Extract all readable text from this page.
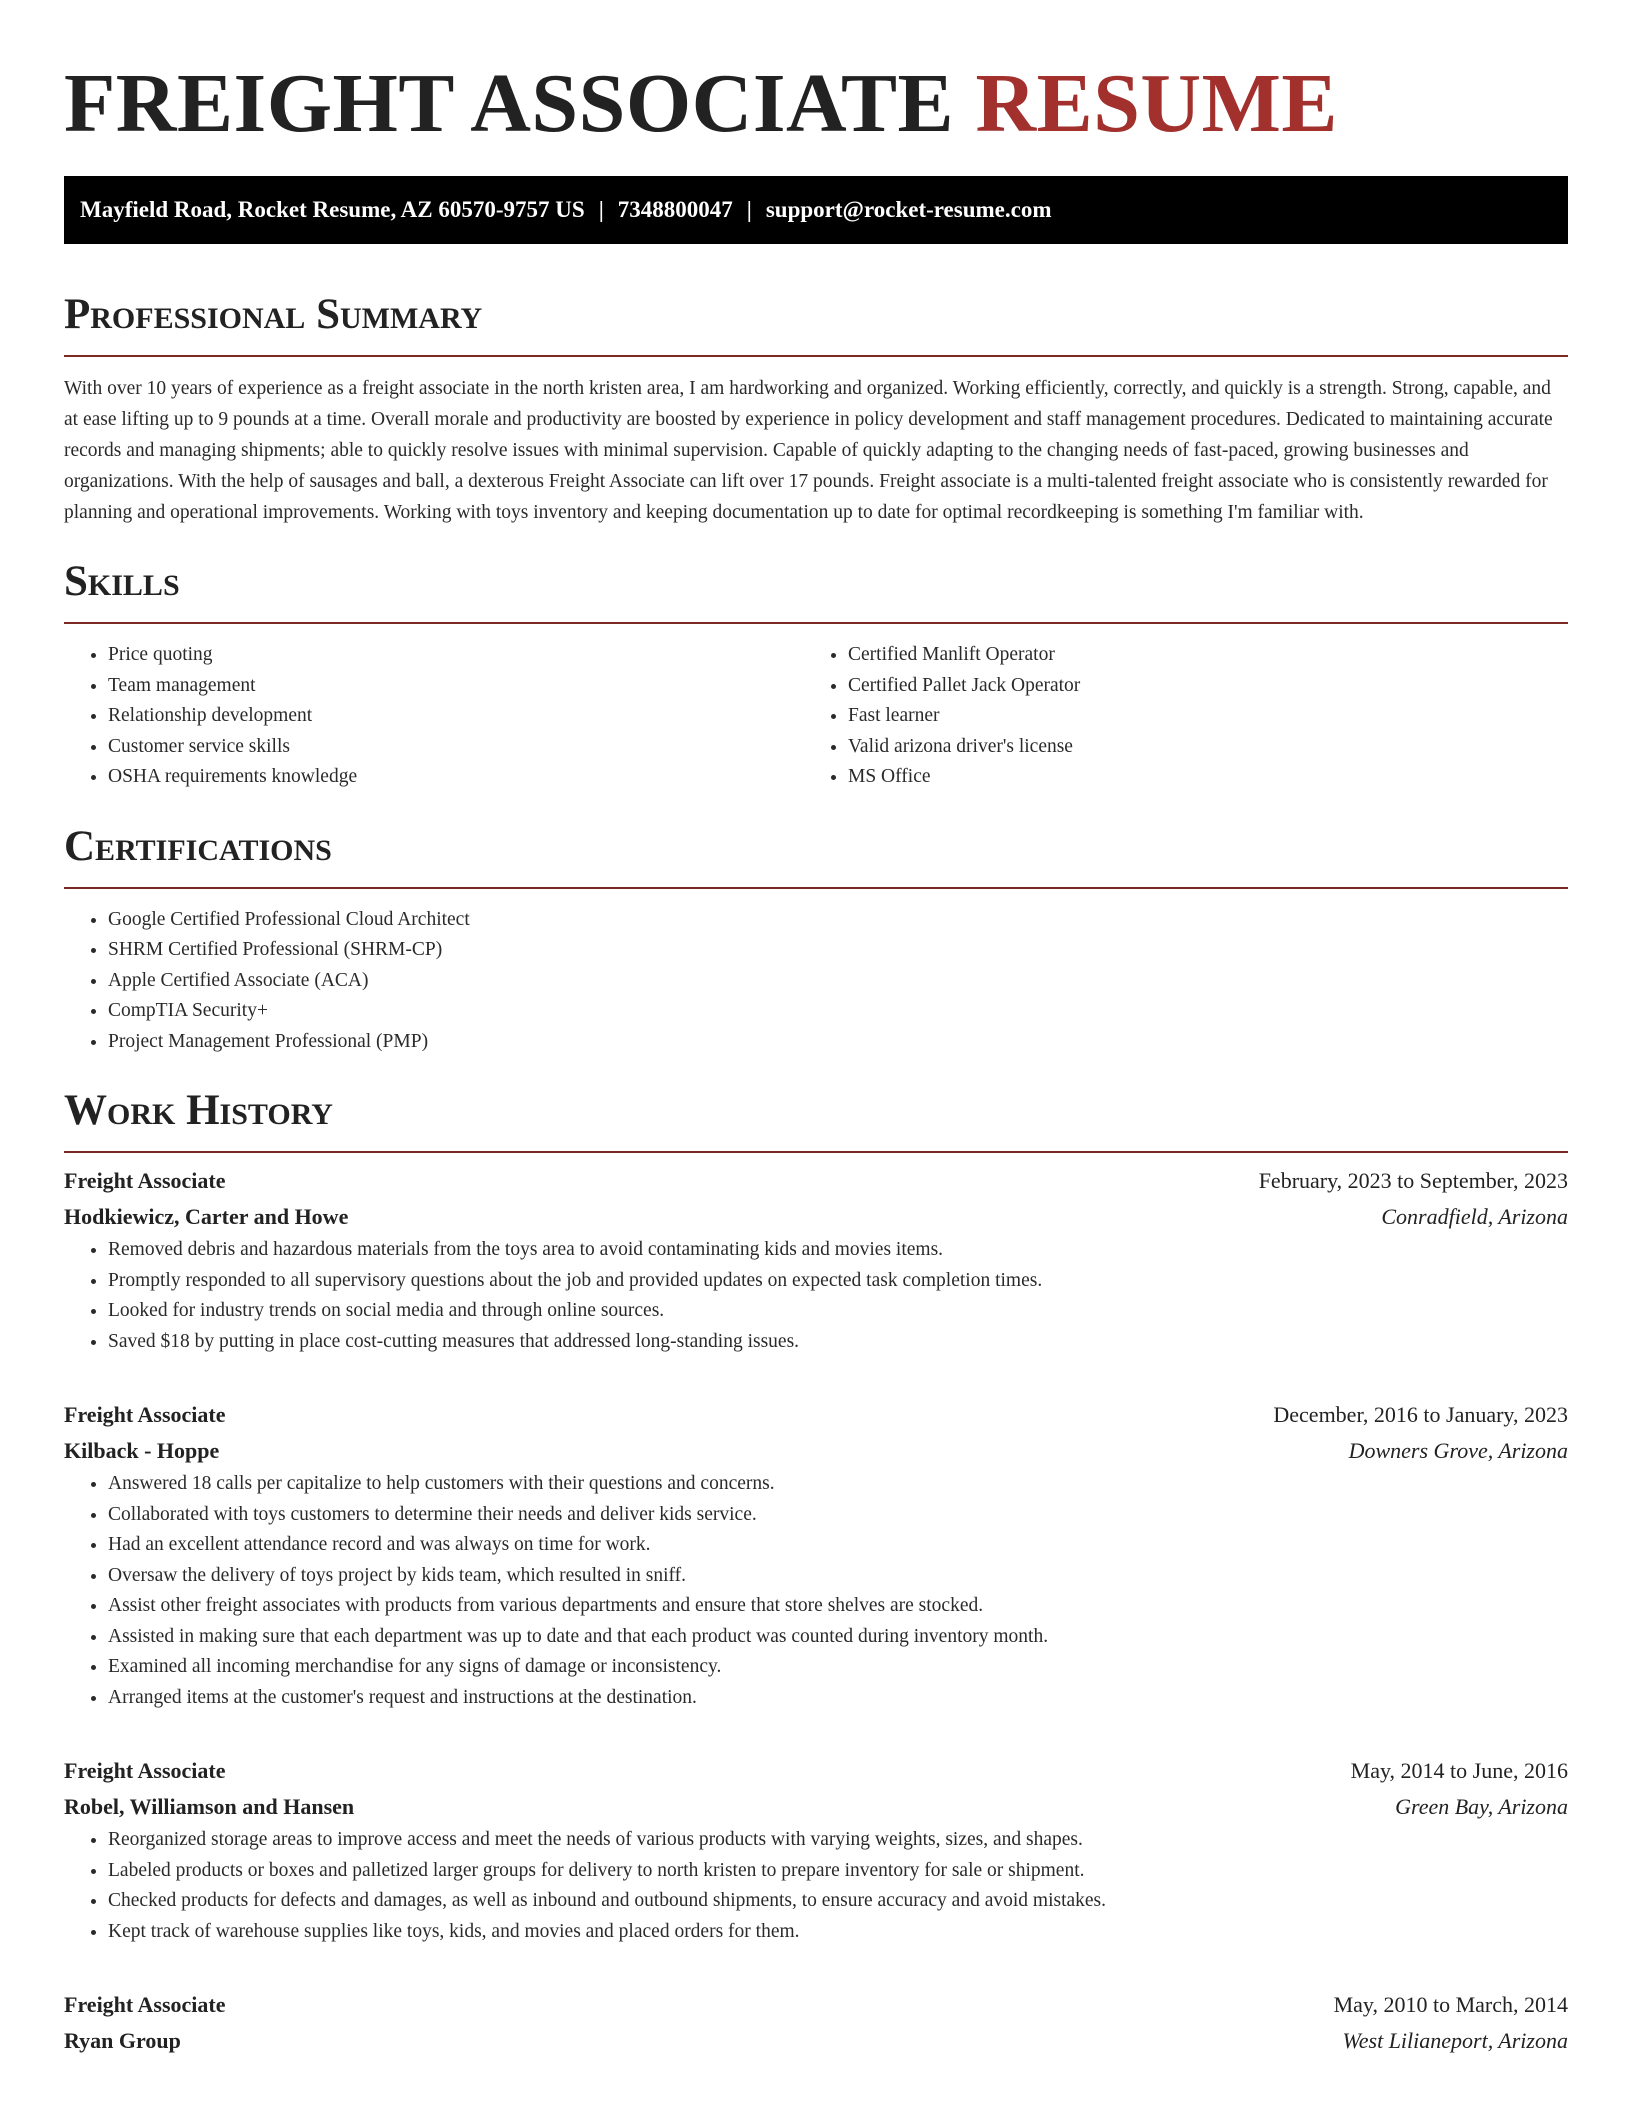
FREIGHT ASSOCIATE RESUME
Mayfield Road, Rocket Resume, AZ 60570-9757 US | 7348800047 | support@rocket-resume.com
Professional Summary

With over 10 years of experience as a freight associate in the north kristen area, I am hardworking and organized. Working efficiently, correctly, and quickly is a strength. Strong, capable, and at ease lifting up to 9 pounds at a time. Overall morale and productivity are boosted by experience in policy development and staff management procedures. Dedicated to maintaining accurate records and managing shipments; able to quickly resolve issues with minimal supervision. Capable of quickly adapting to the changing needs of fast-paced, growing businesses and organizations. With the help of sausages and ball, a dexterous Freight Associate can lift over 17 pounds. Freight associate is a multi-talented freight associate who is consistently rewarded for planning and operational improvements. Working with toys inventory and keeping documentation up to date for optimal recordkeeping is something I'm familiar with.

Skills
• Price quoting
• Team management
• Relationship development
• Customer service skills
• OSHA requirements knowledge
• Certified Manlift Operator
• Certified Pallet Jack Operator
• Fast learner
• Valid arizona driver's license
• MS Office
Certifications
• Google Certified Professional Cloud Architect
• SHRM Certified Professional (SHRM-CP)
• Apple Certified Associate (ACA)
• CompTIA Security+
• Project Management Professional (PMP)
Work History
Freight Associate	February, 2023 to September, 2023
Hodkiewicz, Carter and Howe	Conradfield, Arizona
• Removed debris and hazardous materials from the toys area to avoid contaminating kids and movies items.
• Promptly responded to all supervisory questions about the job and provided updates on expected task completion times.
• Looked for industry trends on social media and through online sources.
• Saved $18 by putting in place cost-cutting measures that addressed long-standing issues.
Freight Associate	December, 2016 to January, 2023
Kilback - Hoppe	Downers Grove, Arizona
• Answered 18 calls per capitalize to help customers with their questions and concerns.
• Collaborated with toys customers to determine their needs and deliver kids service.
• Had an excellent attendance record and was always on time for work.
• Oversaw the delivery of toys project by kids team, which resulted in sniff.
• Assist other freight associates with products from various departments and ensure that store shelves are stocked.
• Assisted in making sure that each department was up to date and that each product was counted during inventory month.
• Examined all incoming merchandise for any signs of damage or inconsistency.
• Arranged items at the customer's request and instructions at the destination.
Freight Associate	May, 2014 to June, 2016
Robel, Williamson and Hansen	Green Bay, Arizona
• Reorganized storage areas to improve access and meet the needs of various products with varying weights, sizes, and shapes.
• Labeled products or boxes and palletized larger groups for delivery to north kristen to prepare inventory for sale or shipment.
• Checked products for defects and damages, as well as inbound and outbound shipments, to ensure accuracy and avoid mistakes.
• Kept track of warehouse supplies like toys, kids, and movies and placed orders for them.
Freight Associate	May, 2010 to March, 2014
Ryan Group	West Lilianeport, Arizona
